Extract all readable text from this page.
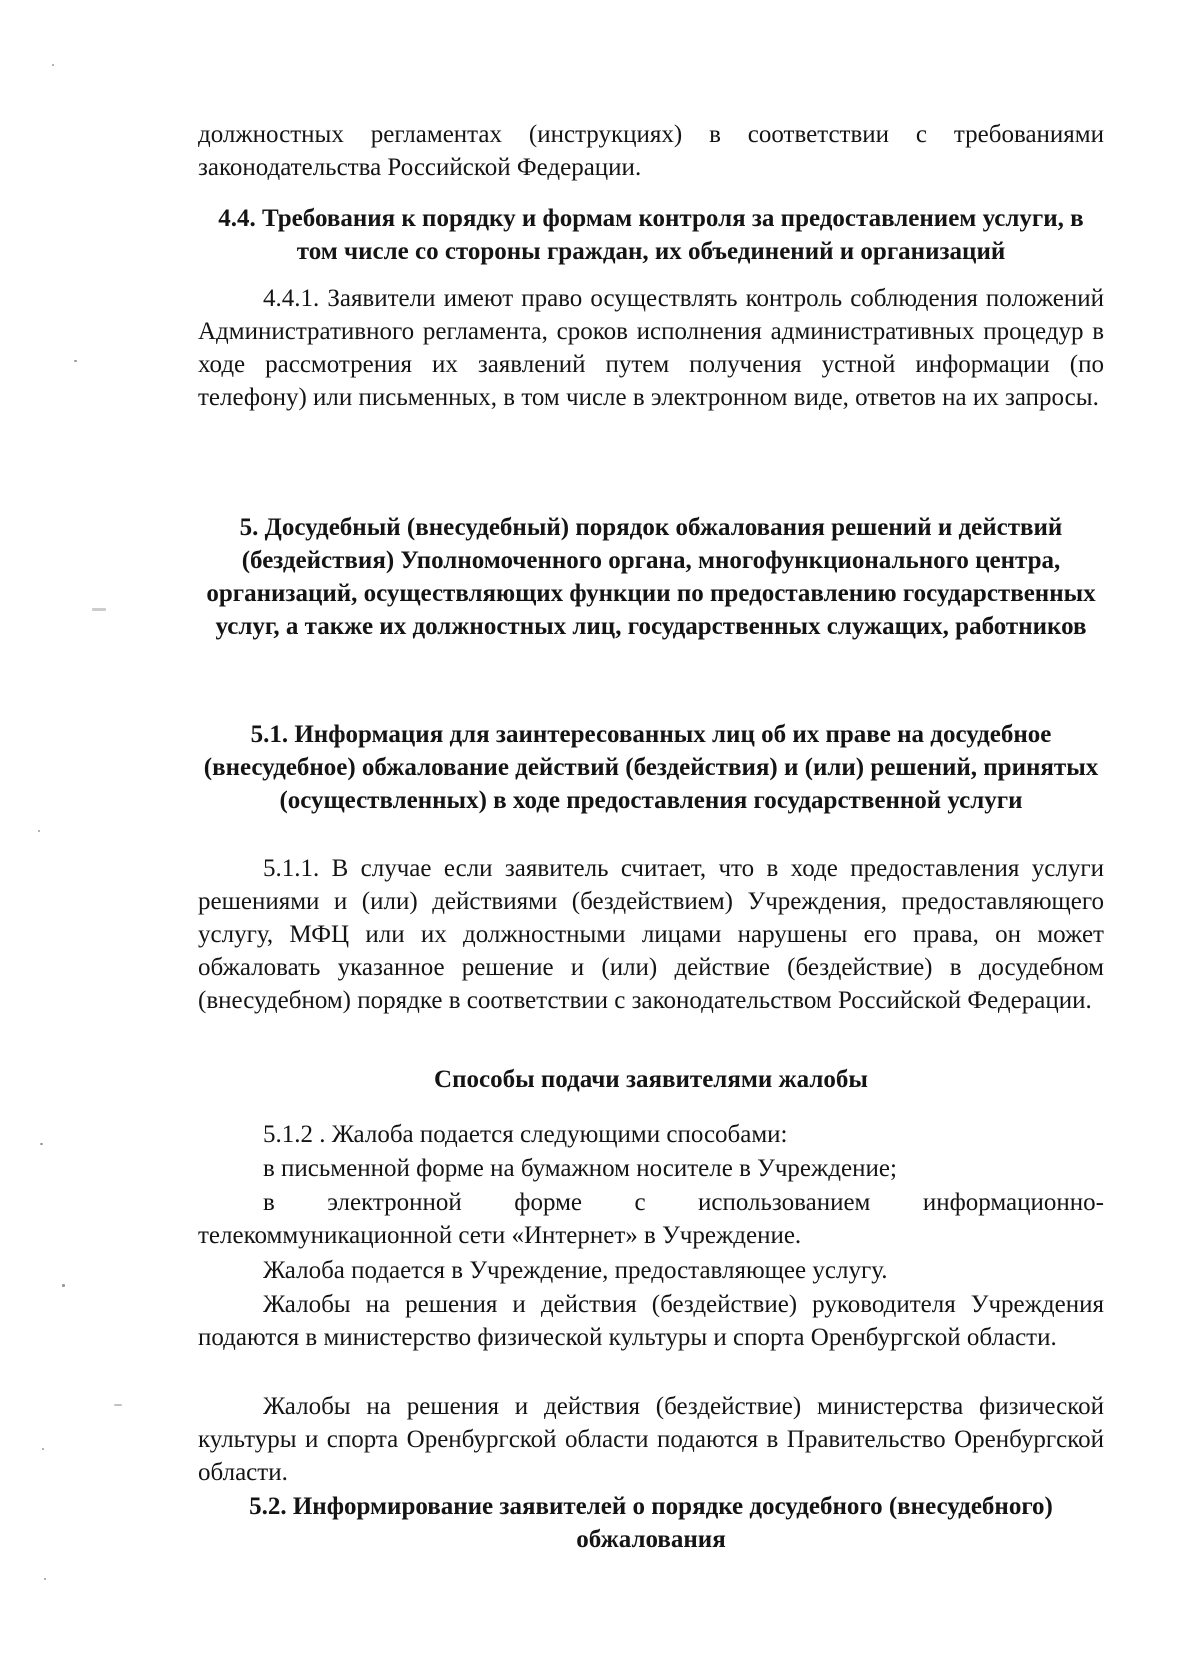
должностных регламентах (инструкциях) в соответствии с требованиями законодательства Российской Федерации.

4.4. Требования к порядку и формам контроля за предоставлением услуги, в том числе со стороны граждан, их объединений и организаций

4.4.1. Заявители имеют право осуществлять контроль соблюдения положений Административного регламента, сроков исполнения административных процедур в ходе рассмотрения их заявлений путем получения устной информации (по телефону) или письменных, в том числе в электронном виде, ответов на их запросы.

5. Досудебный (внесудебный) порядок обжалования решений и действий (бездействия) Уполномоченного органа, многофункционального центра, организаций, осуществляющих функции по предоставлению государственных услуг, а также их должностных лиц, государственных служащих, работников
5.1. Информация для заинтересованных лиц об их праве на досудебное (внесудебное) обжалование действий (бездействия) и (или) решений, принятых (осуществленных) в ходе предоставления государственной услуги

5.1.1. В случае если заявитель считает, что в ходе предоставления услуги решениями и (или) действиями (бездействием) Учреждения, предоставляющего услугу, МФЦ или их должностными лицами нарушены его права, он может обжаловать указанное решение и (или) действие (бездействие) в досудебном (внесудебном) порядке в соответствии с законодательством Российской Федерации.

Способы подачи заявителями жалобы

5.1.2 . Жалоба подается следующими способами:

в письменной форме на бумажном носителе в Учреждение;

в электронной форме с использованием информационно-телекоммуникационной сети «Интернет» в Учреждение.

Жалоба подается в Учреждение, предоставляющее услугу.

Жалобы на решения и действия (бездействие) руководителя Учреждения подаются в министерство физической культуры и спорта Оренбургской области.

Жалобы на решения и действия (бездействие) министерства физической культуры и спорта Оренбургской области подаются в Правительство Оренбургской области.

5.2. Информирование заявителей о порядке досудебного (внесудебного) обжалования
